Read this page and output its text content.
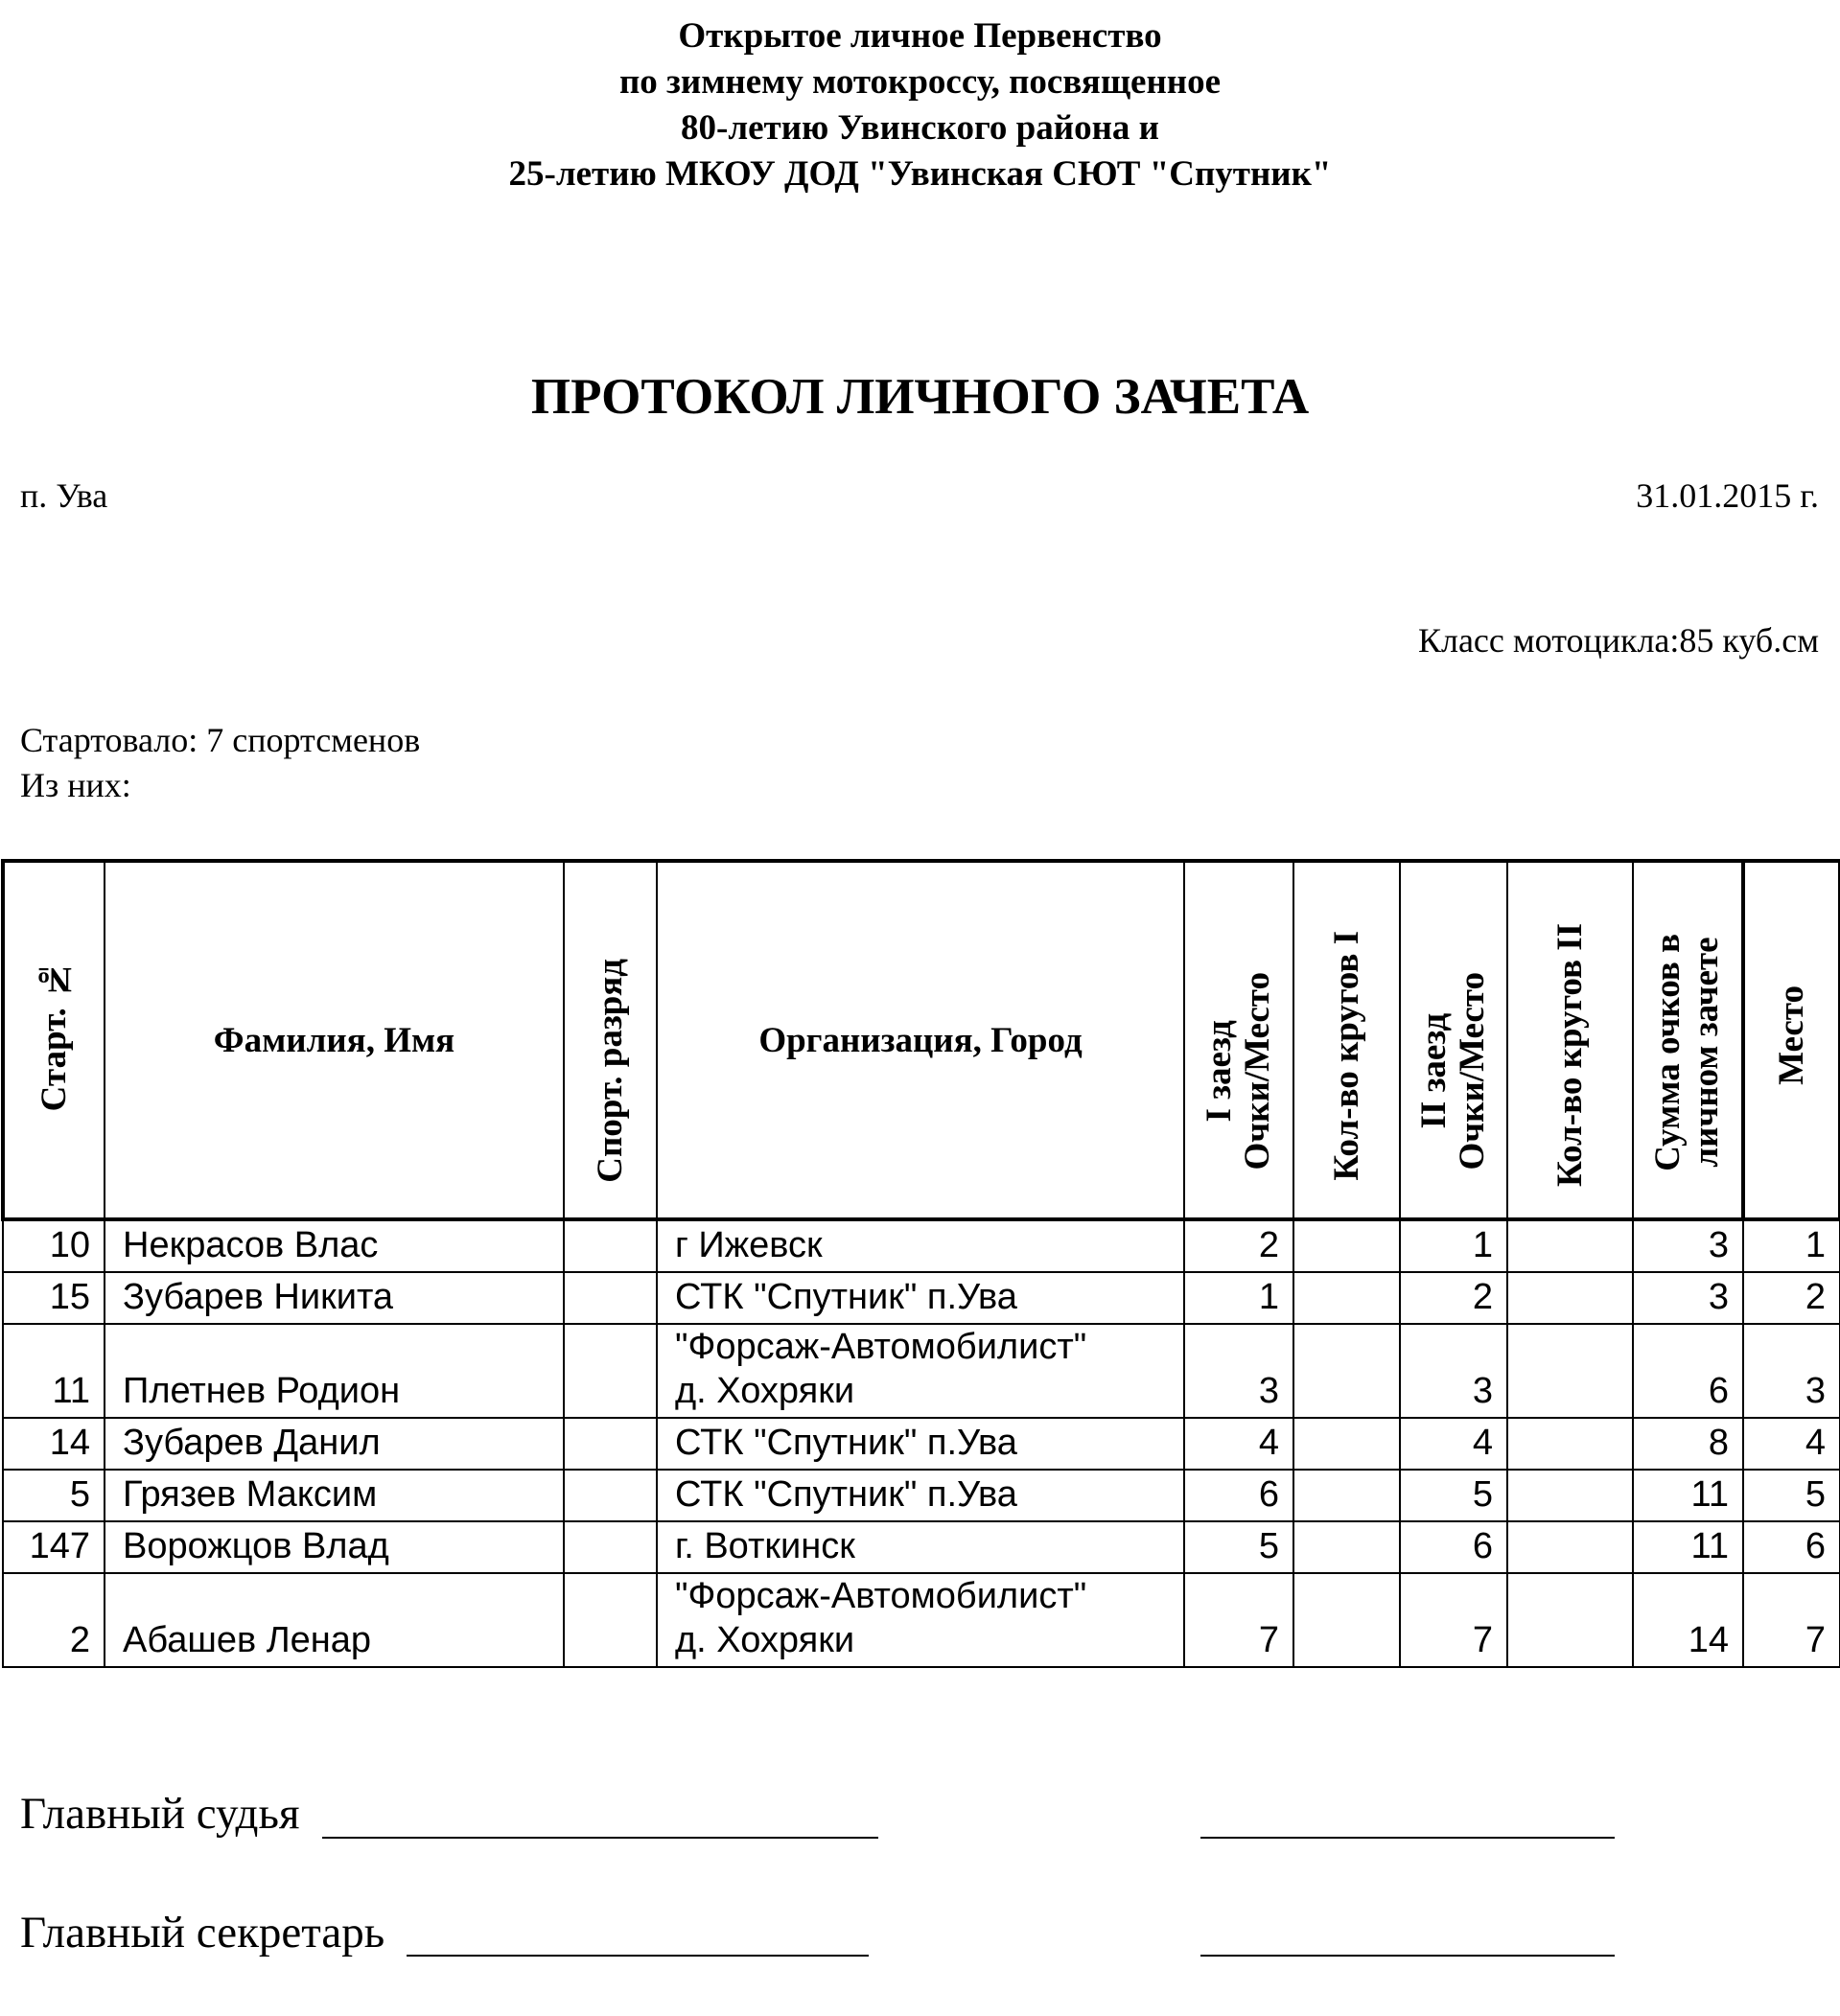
Открытое личное Первенство
по зимнему мотокроссу, посвященное
80-летию Увинского района и
25-летию МКОУ ДОД "Увинская СЮТ "Спутник"
ПРОТОКОЛ ЛИЧНОГО ЗАЧЕТА
п. Ува	31.01.2015 г.
Класс мотоцикла:85 куб.см
Стартовало: 7 спортсменов
Из них:
Старт. №	Фамилия, Имя	Спорт. разряд	Организация, Город	I заезд Очки/Место	Кол-во кругов I	II заезд Очки/Место	Кол-во кругов II	Сумма очков в личном зачете	Место

10	Некрасов Влас		г Ижевск	2		1		3	1
15	Зубарев Никита		СТК "Спутник" п.Ува	1		2		3	2
11	Плетнев Родион		"Форсаж-Автомобилист"
д. Хохряки	3		3		6	3
14	Зубарев Данил		СТК "Спутник" п.Ува	4		4		8	4
5	Грязев Максим		СТК "Спутник" п.Ува	6		5		11	5
147	Ворожцов Влад		г. Воткинск	5		6		11	6
2	Абашев Ленар		"Форсаж-Автомобилист"
д. Хохряки	7		7		14	7
Главный судья
Главный секретарь
